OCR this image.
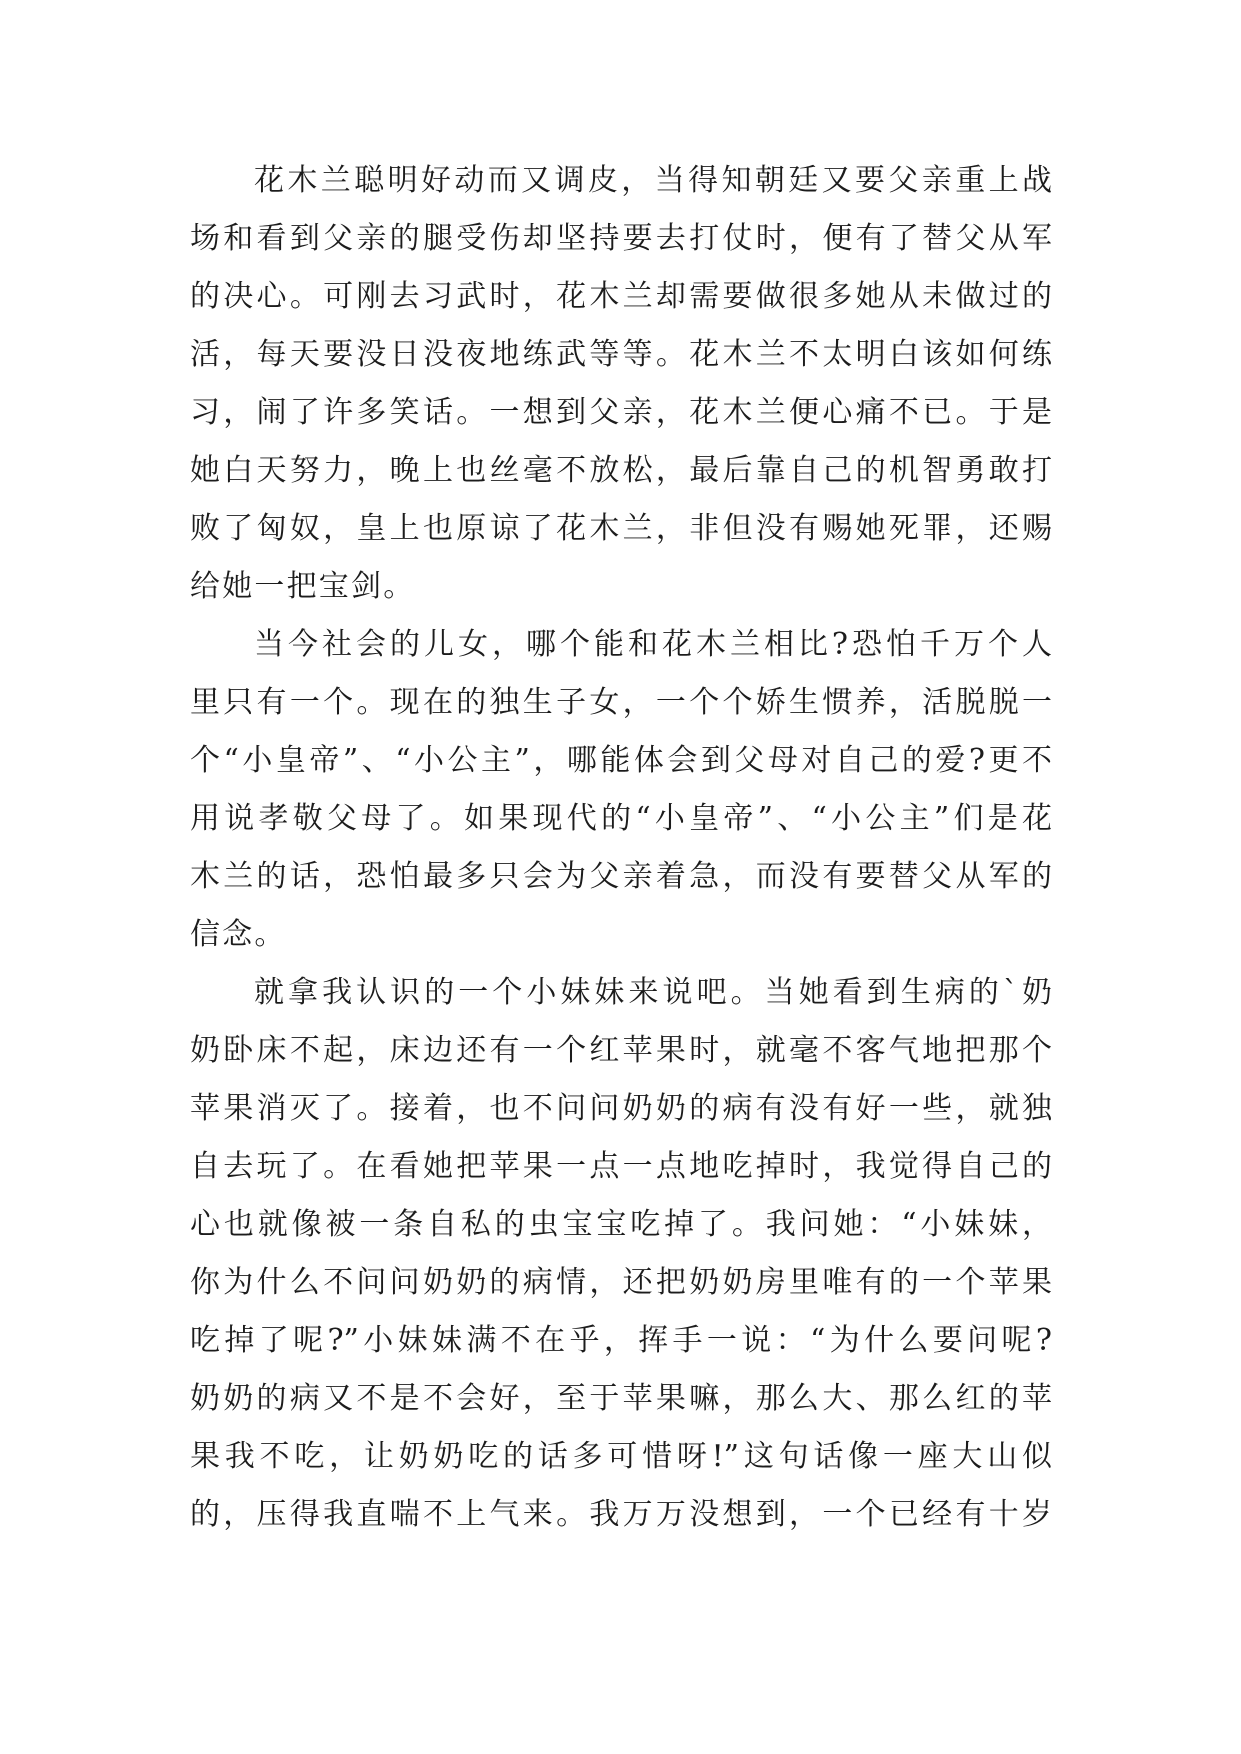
花木兰聪明好动而又调皮，当得知朝廷又要父亲重上战
场和看到父亲的腿受伤却坚持要去打仗时，便有了替父从军
的决心。可刚去习武时，花木兰却需要做很多她从未做过的
活，每天要没日没夜地练武等等。花木兰不太明白该如何练
习，闹了许多笑话。一想到父亲，花木兰便心痛不已。于是
她白天努力，晚上也丝毫不放松，最后靠自己的机智勇敢打
败了匈奴，皇上也原谅了花木兰，非但没有赐她死罪，还赐
给她一把宝剑。
当今社会的儿女，哪个能和花木兰相比?恐怕千万个人
里只有一个。现在的独生子女，一个个娇生惯养，活脱脱一
个“小皇帝”、“小公主”，哪能体会到父母对自己的爱?更不
用说孝敬父母了。如果现代的“小皇帝”、“小公主”们是花
木兰的话，恐怕最多只会为父亲着急，而没有要替父从军的
信念。
就拿我认识的一个小妹妹来说吧。当她看到生病的`奶
奶卧床不起，床边还有一个红苹果时，就毫不客气地把那个
苹果消灭了。接着，也不问问奶奶的病有没有好一些，就独
自去玩了。在看她把苹果一点一点地吃掉时，我觉得自己的
心也就像被一条自私的虫宝宝吃掉了。我问她：“小妹妹，
你为什么不问问奶奶的病情，还把奶奶房里唯有的一个苹果
吃掉了呢?”小妹妹满不在乎，挥手一说：“为什么要问呢?
奶奶的病又不是不会好，至于苹果嘛，那么大、那么红的苹
果我不吃，让奶奶吃的话多可惜呀!”这句话像一座大山似
的，压得我直喘不上气来。我万万没想到，一个已经有十岁
